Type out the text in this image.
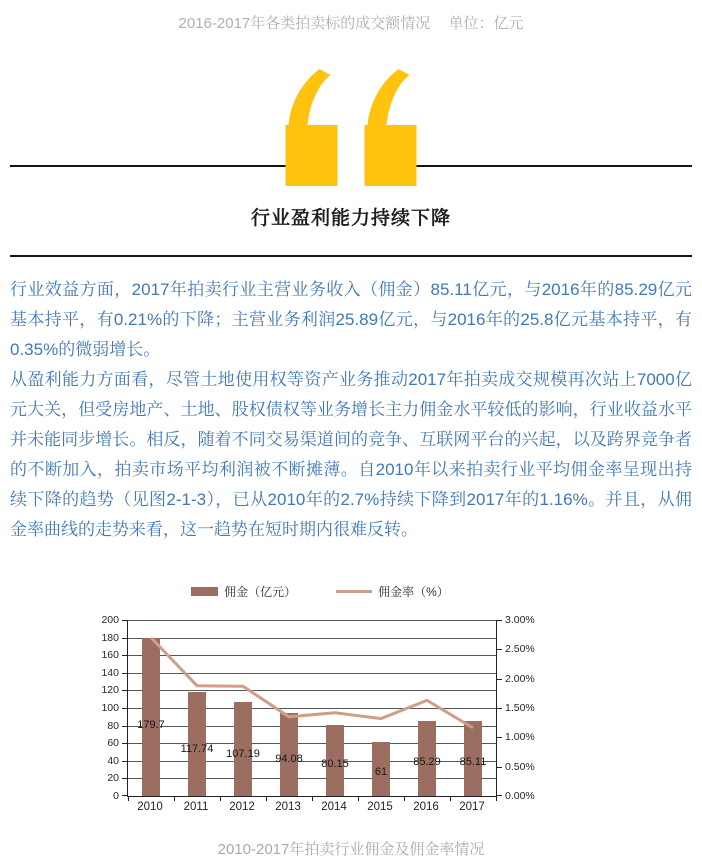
2016-2017年各类拍卖标的成交额情况 单位：亿元
行业盈利能力持续下降

行业效益方面，2017年拍卖行业主营业务收入（佣金）85.11亿元，与2016年的85.29亿元基本持平，有0.21%的下降；主营业务利润25.89亿元，与2016年的25.8亿元基本持平，有0.35%的微弱增长。

从盈利能力方面看，尽管土地使用权等资产业务推动2017年拍卖成交规模再次站上7000亿元大关，但受房地产、土地、股权债权等业务增长主力佣金水平较低的影响，行业收益水平并未能同步增长。相反，随着不同交易渠道间的竞争、互联网平台的兴起，以及跨界竞争者的不断加入，拍卖市场平均利润被不断摊薄。自2010年以来拍卖行业平均佣金率呈现出持续下降的趋势（见图2-1-3），已从2010年的2.7%持续下降到2017年的1.16%。并且，从佣金率曲线的走势来看，这一趋势在短时期内很难反转。

佣金（亿元）	佣金率（%）
0
20
40
60
80
100
120
140
160
180
200
179.7
117.74 107.19 94.08 80.15
61
85.29 85.11
0.00%
0.50%
1.00%
1.50%
2.00%
2.50%
3.00%
2010	2011	2012	2013	2014	2015	2016	2017
2010-2017年拍卖行业佣金及佣金率情况
